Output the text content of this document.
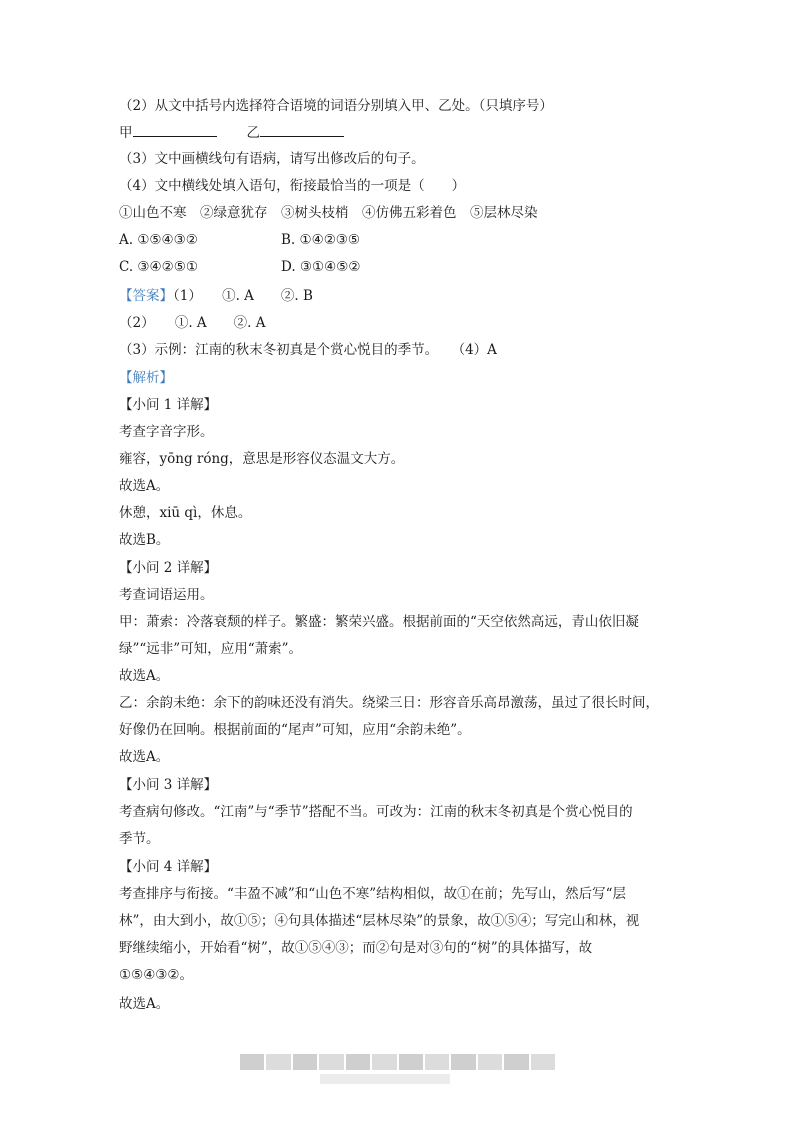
（2）从文中括号内选择符合语境的词语分别填入甲、乙处。（只填序号）
甲	乙
（3）文中画横线句有语病，请写出修改后的句子。
（4）文中横线处填入语句，衔接最恰当的一项是（　　）
①山色不寒　②绿意犹存　③树头枝梢　④仿佛五彩着色　⑤层林尽染
A. ①⑤④③②	B. ①④②③⑤
C. ③④②⑤①	D. ③①④⑤②
【答案】（1）　　①. A　　②. B
（2）　　①. A　　②. A
（3）示例：江南的秋末冬初真是个赏心悦目的季节。　　（4）A
【解析】
【小问 1 详解】
考查字音字形。
雍容，yōng róng，意思是形容仪态温文大方。
故选A。
休憩，xiū qì，休息。
故选B。
【小问 2 详解】
考查词语运用。
甲：萧索：冷落衰颓的样子。繁盛：繁荣兴盛。根据前面的“天空依然高远，青山依旧凝
绿”“远非”可知，应用“萧索”。
故选A。
乙：余韵未绝：余下的韵味还没有消失。绕梁三日：形容音乐高昂激荡，虽过了很长时间，
好像仍在回响。根据前面的“尾声”可知，应用“余韵未绝”。
故选A。
【小问 3 详解】
考查病句修改。“江南”与“季节”搭配不当。可改为：江南的秋末冬初真是个赏心悦目的
季节。
【小问 4 详解】
考查排序与衔接。“丰盈不减”和“山色不寒”结构相似，故①在前；先写山，然后写“层
林”，由大到小，故①⑤；④句具体描述“层林尽染”的景象，故①⑤④；写完山和林，视
野继续缩小，开始看“树”，故①⑤④③；而②句是对③句的“树”的具体描写，故
①⑤④③②。
故选A。
